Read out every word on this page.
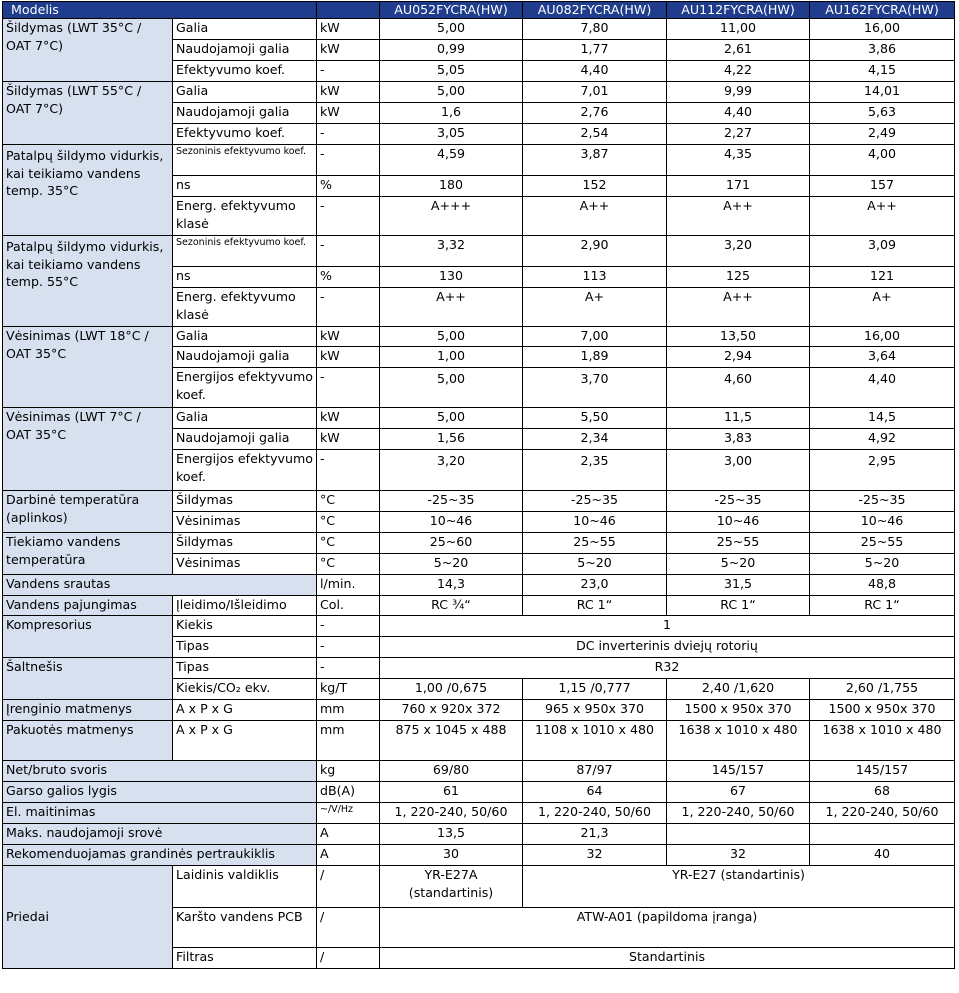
Modelis			AU052FYCRA(HW)	AU082FYCRA(HW)	AU112FYCRA(HW)	AU162FYCRA(HW)
Šildymas (LWT 35°C / OAT 7°C)	Galia	kW	5,00	7,80	11,00	16,00
	Naudojamoji galia	kW	0,99	1,77	2,61	3,86
	Efektyvumo koef.	-	5,05	4,40	4,22	4,15
Šildymas (LWT 55°C / OAT 7°C)	Galia	kW	5,00	7,01	9,99	14,01
	Naudojamoji galia	kW	1,6	2,76	4,40	5,63
	Efektyvumo koef.	-	3,05	2,54	2,27	2,49

Patalpų šildymo vidurkis, kai teikiamo vandens temp. 35°C	Sezoninis efektyvumo koef.	-	4,59	3,87	4,35	4,00
	ns	%	180	152	171	157
	Energ. efektyvumo klasė	-	A+++	A++	A++	A++

Patalpų šildymo vidurkis, kai teikiamo vandens temp. 55°C	Sezoninis efektyvumo koef.	-	3,32	2,90	3,20	3,09
	ns	%	130	113	125	121
	Energ. efektyvumo klasė	-	A++	A+	A++	A+
Vėsinimas (LWT 18°C / OAT 35°C	Galia	kW	5,00	7,00	13,50	16,00
	Naudojamoji galia	kW	1,00	1,89	2,94	3,64
	Energijos efektyvumo koef.	-	5,00	3,70	4,60	4,40

Vėsinimas (LWT 7°C / OAT 35°C	Galia	kW	5,00	5,50	11,5	14,5
	Naudojamoji galia	kW	1,56	2,34	3,83	4,92
	Energijos efektyvumo koef.	-	3,20	2,35	3,00	2,95

Darbinė temperatūra (aplinkos)	Šildymas	°C	-25~35	-25~35	-25~35	-25~35
	Vėsinimas	°C	10~46	10~46	10~46	10~46
Tiekiamo vandens temperatūra	Šildymas	°C	25~60	25~55	25~55	25~55
	Vėsinimas	°C	5~20	5~20	5~20	5~20
Vandens srautas		l/min.	14,3	23,0	31,5	48,8
Vandens pajungimas	Įleidimo/Išleidimo	Col.	RC ¾“	RC 1“	RC 1“	RC 1“
Kompresorius	Kiekis	-	1			
	Tipas	-	DC inverterinis dviejų rotorių			
Šaltnešis	Tipas	-	R32			
	Kiekis/CO₂ ekv.	kg/T	1,00 /0,675	1,15 /0,777	2,40 /1,620	2,60 /1,755
Įrenginio matmenys	A x P x G	mm	760 x 920x 372	965 x 950x 370	1500 x 950x 370	1500 x 950x 370
Pakuotės matmenys	A x P x G	mm	875 x 1045 x 488	1108 x 1010 x 480	1638 x 1010 x 480	1638 x 1010 x 480
Net/bruto svoris		kg	69/80	87/97	145/157	145/157
Garso galios lygis		dB(A)	61	64	67	68
El. maitinimas		~/V/Hz	1, 220-240, 50/60	1, 220-240, 50/60	1, 220-240, 50/60	1, 220-240, 50/60
Maks. naudojamoji srovė		A	13,5	21,3		
Rekomenduojamas grandinės pertraukiklis		A	30	32	32	40
Priedai	Laidinis valdiklis	/	YR-E27A (standartinis)	YR-E27 (standartinis)		
	Karšto vandens PCB	/	ATW-A01 (papildoma įranga)			
	Filtras	/	Standartinis			
